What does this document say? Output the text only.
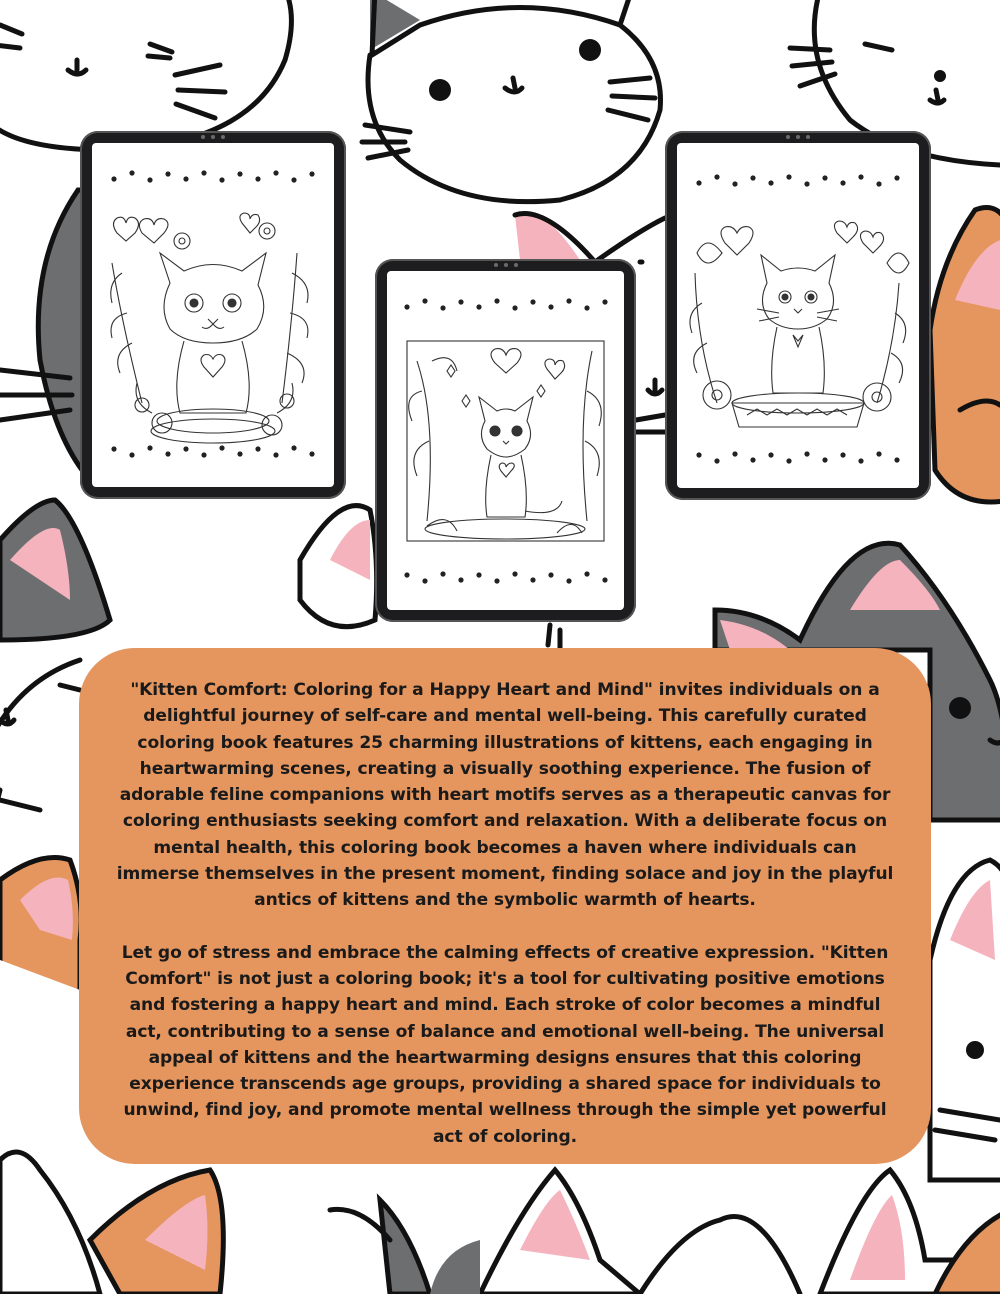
"Kitten Comfort: Coloring for a Happy Heart and Mind" invites individuals on a delightful journey of self-care and mental well-being. This carefully curated coloring book features 25 charming illustrations of kittens, each engaging in heartwarming scenes, creating a visually soothing experience. The fusion of adorable feline companions with heart motifs serves as a therapeutic canvas for coloring enthusiasts seeking comfort and relaxation. With a deliberate focus on mental health, this coloring book becomes a haven where individuals can immerse themselves in the present moment, finding solace and joy in the playful antics of kittens and the symbolic warmth of hearts.

Let go of stress and embrace the calming effects of creative expression. "Kitten Comfort" is not just a coloring book; it's a tool for cultivating positive emotions and fostering a happy heart and mind. Each stroke of color becomes a mindful act, contributing to a sense of balance and emotional well-being. The universal appeal of kittens and the heartwarming designs ensures that this coloring experience transcends age groups, providing a shared space for individuals to unwind, find joy, and promote mental wellness through the simple yet powerful act of coloring.
